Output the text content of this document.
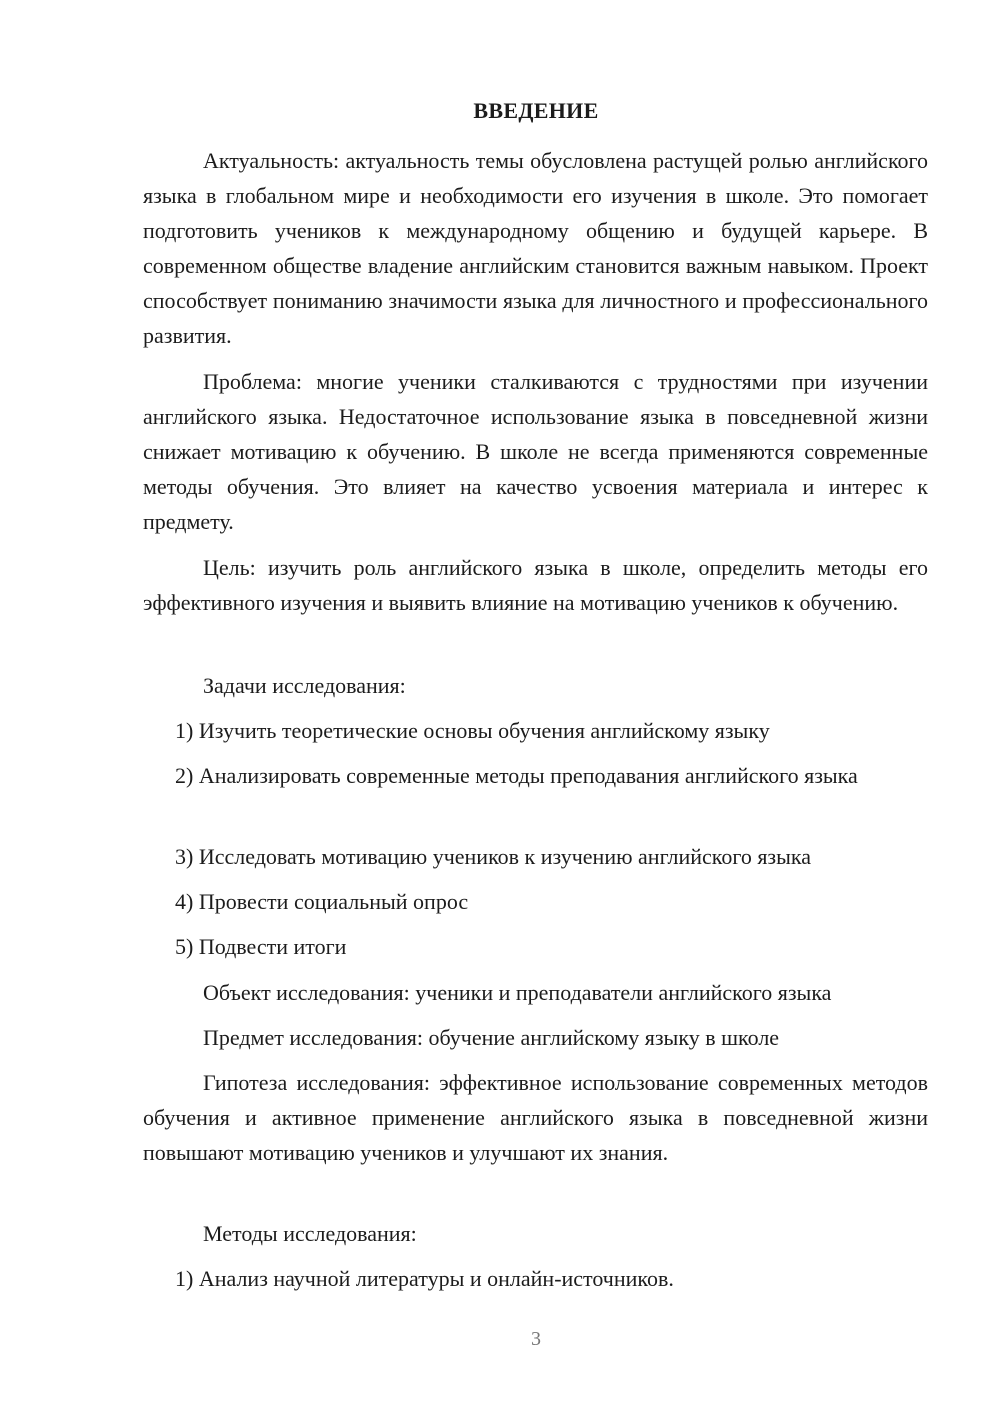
ВВЕДЕНИЕ

Актуальность: актуальность темы обусловлена растущей ролью английского языка в глобальном мире и необходимости его изучения в школе. Это помогает подготовить учеников к международному общению и будущей карьере. В современном обществе владение английским становится важным навыком. Проект способствует пониманию значимости языка для личностного и профессионального развития.

Проблема: многие ученики сталкиваются с трудностями при изучении английского языка. Недостаточное использование языка в повседневной жизни снижает мотивацию к обучению. В школе не всегда применяются современные методы обучения. Это влияет на качество усвоения материала и интерес к предмету.

Цель: изучить роль английского языка в школе, определить методы его эффективного изучения и выявить влияние на мотивацию учеников к обучению.

Задачи исследования:

1) Изучить теоретические основы обучения английскому языку

2) Анализировать современные методы преподавания английского языка

3) Исследовать мотивацию учеников к изучению английского языка

4) Провести социальный опрос

5) Подвести итоги

Объект исследования: ученики и преподаватели английского языка

Предмет исследования: обучение английскому языку в школе

Гипотеза исследования: эффективное использование современных методов обучения и активное применение английского языка в повседневной жизни повышают мотивацию учеников и улучшают их знания.

Методы исследования:

1) Анализ научной литературы и онлайн-источников.

3
